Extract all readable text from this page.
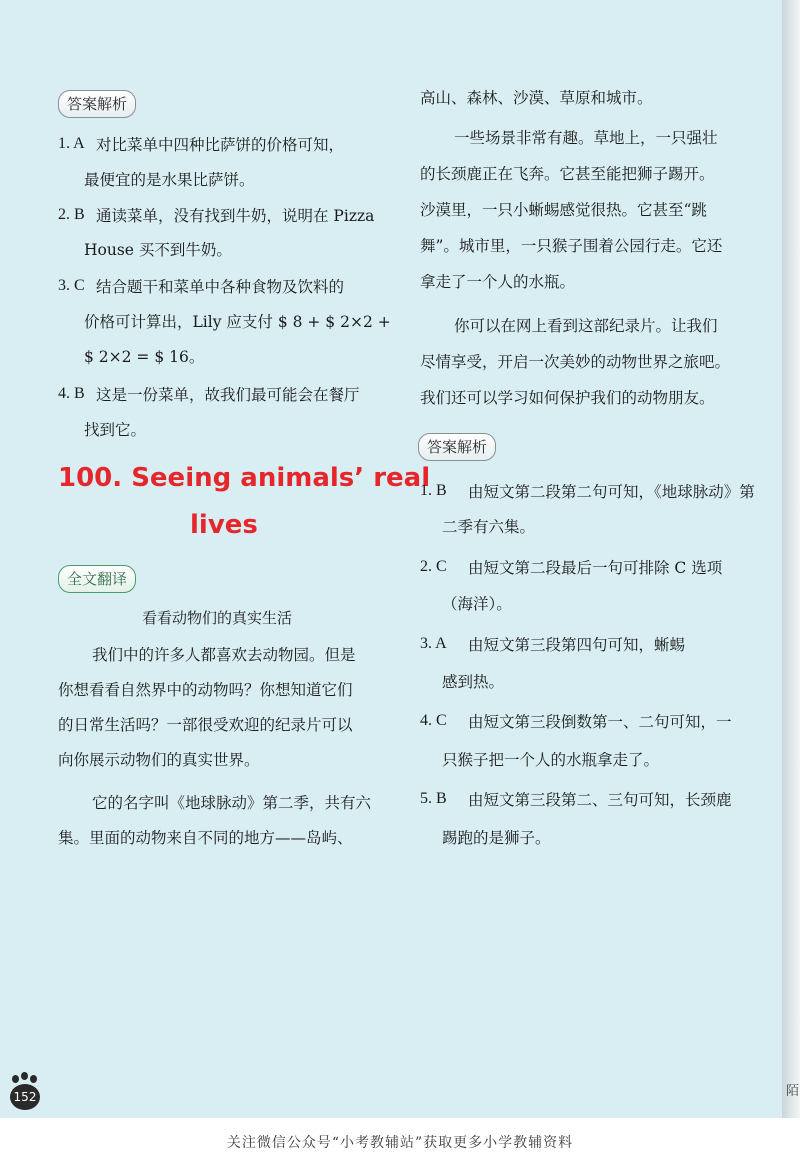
答案解析
1. A 对比菜单中四种比萨饼的价格可知，
最便宜的是水果比萨饼。
2. B 通读菜单，没有找到牛奶，说明在 Pizza
House 买不到牛奶。
3. C 结合题干和菜单中各种食物及饮料的
价格可计算出，Lily 应支付 $ 8 + $ 2×2 +
$ 2×2 = $ 16。
4. B 这是一份菜单，故我们最可能会在餐厅
找到它。
100. Seeing animals’ real
lives
全文翻译
看看动物们的真实生活
我们中的许多人都喜欢去动物园。但是
你想看看自然界中的动物吗？你想知道它们
的日常生活吗？一部很受欢迎的纪录片可以
向你展示动物们的真实世界。
它的名字叫《地球脉动》第二季，共有六
集。里面的动物来自不同的地方——岛屿、
高山、森林、沙漠、草原和城市。
一些场景非常有趣。草地上，一只强壮
的长颈鹿正在飞奔。它甚至能把狮子踢开。
沙漠里，一只小蜥蜴感觉很热。它甚至“跳
舞”。城市里，一只猴子围着公园行走。它还
拿走了一个人的水瓶。
你可以在网上看到这部纪录片。让我们
尽情享受，开启一次美妙的动物世界之旅吧。
我们还可以学习如何保护我们的动物朋友。
答案解析
1. B 由短文第二段第二句可知，《地球脉动》第
二季有六集。
2. C 由短文第二段最后一句可排除 C 选项
（海洋）。
3. A 由短文第三段第四句可知，蜥蜴
感到热。
4. C 由短文第三段倒数第一、二句可知，一
只猴子把一个人的水瓶拿走了。
5. B 由短文第三段第二、三句可知，长颈鹿
踢跑的是狮子。
152	陌
关注微信公众号“小考教辅站”获取更多小学教辅资料
